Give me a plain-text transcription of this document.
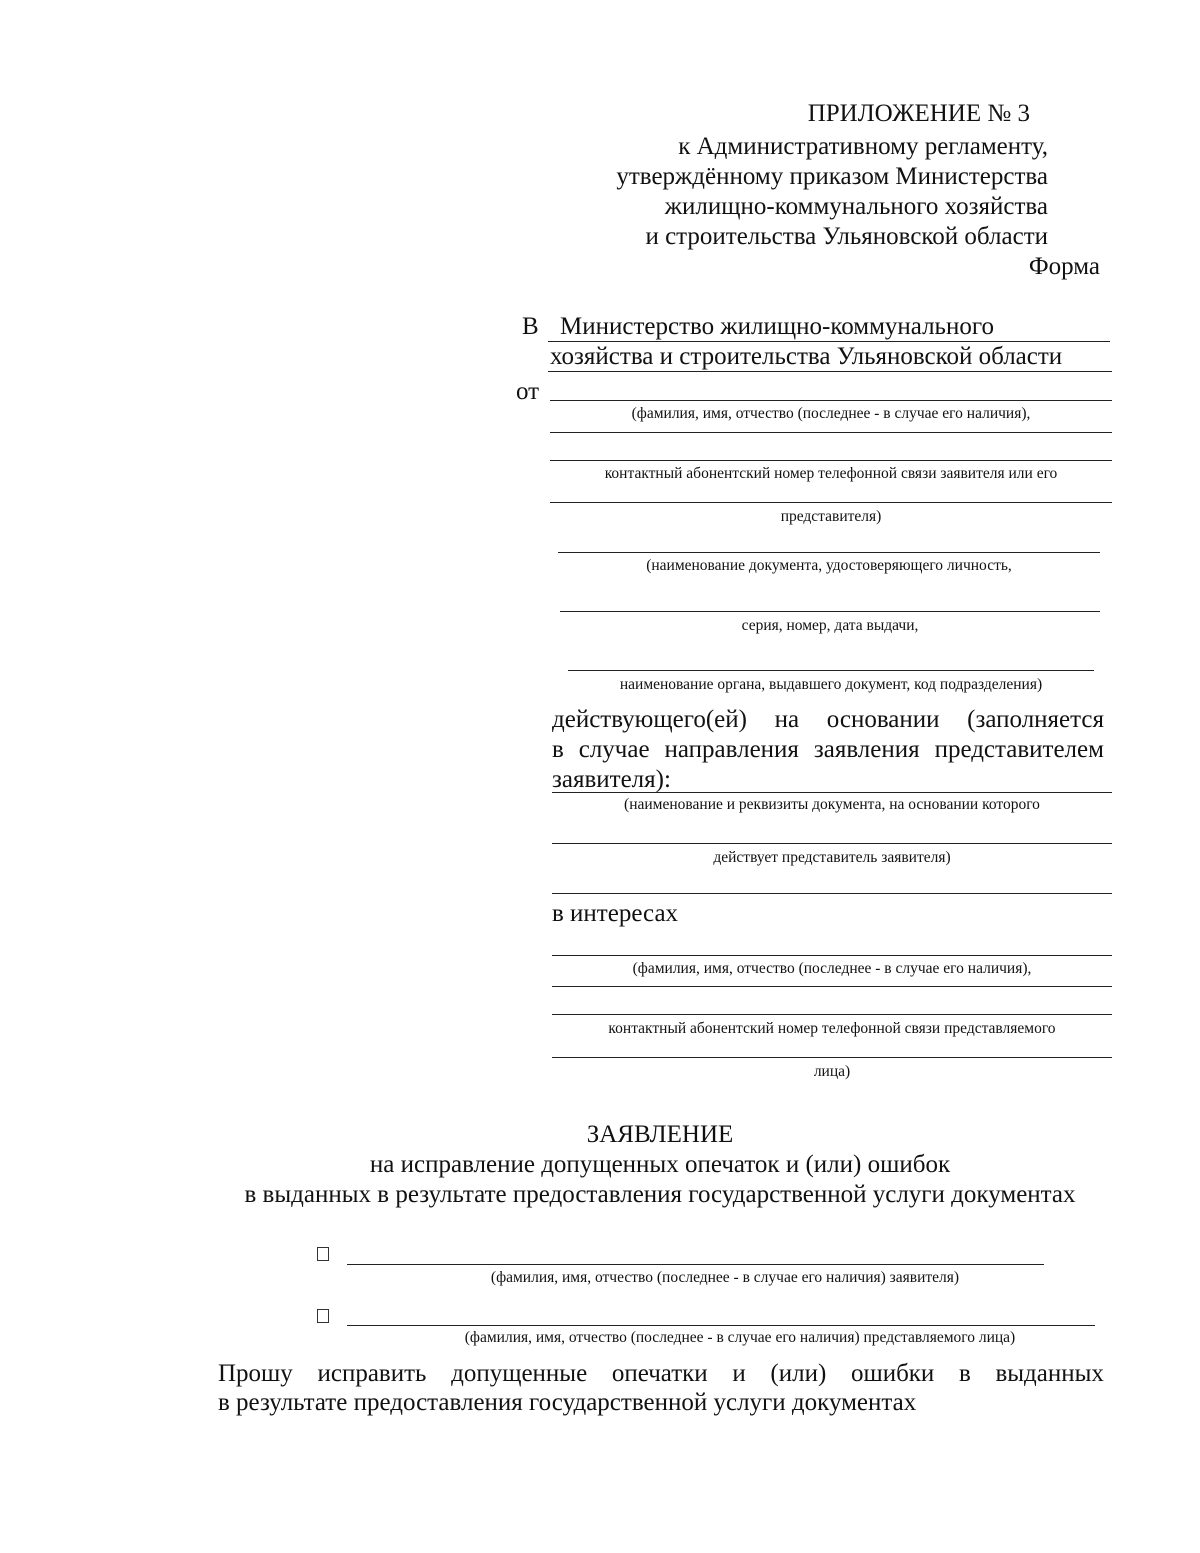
ПРИЛОЖЕНИЕ № 3
к Административному регламенту,
утверждённому приказом Министерства
жилищно-коммунального хозяйства
и строительства Ульяновской области
Форма
В Министерство жилищно-коммунального
хозяйства и строительства Ульяновской области
от
(фамилия, имя, отчество (последнее - в случае его наличия),
контактный абонентский номер телефонной связи заявителя или его
представителя)
(наименование документа, удостоверяющего личность,
серия, номер, дата выдачи,
наименование органа, выдавшего документ, код подразделения)
действующего(ей) на основании (заполняется
в случае направления заявления представителем
заявителя):
(наименование и реквизиты документа, на основании которого
действует представитель заявителя)
в интересах
(фамилия, имя, отчество (последнее - в случае его наличия),
контактный абонентский номер телефонной связи представляемого
лица)
ЗАЯВЛЕНИЕ
на исправление допущенных опечаток и (или) ошибок
в выданных в результате предоставления государственной услуги документах
(фамилия, имя, отчество (последнее - в случае его наличия) заявителя)
(фамилия, имя, отчество (последнее - в случае его наличия) представляемого лица)
Прошу исправить допущенные опечатки и (или) ошибки в выданных
в результате предоставления государственной услуги документах
